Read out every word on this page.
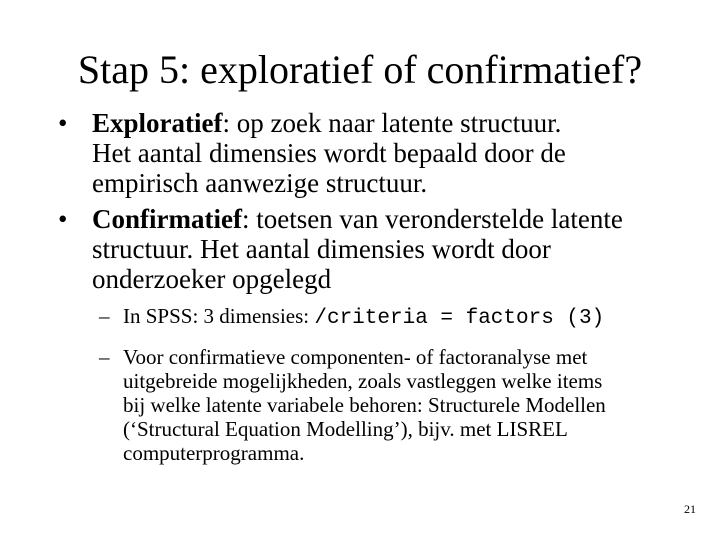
Stap 5: exploratief of confirmatief?
• Exploratief: op zoek naar latente structuur.
Het aantal dimensies wordt bepaald door de
empirisch aanwezige structuur.
• Confirmatief: toetsen van veronderstelde latente
structuur. Het aantal dimensies wordt door
onderzoeker opgelegd
– In SPSS: 3 dimensies: /criteria = factors (3)
– Voor confirmatieve componenten- of factoranalyse met
uitgebreide mogelijkheden, zoals vastleggen welke items
bij welke latente variabele behoren: Structurele Modellen
(‘Structural Equation Modelling’), bijv. met LISREL
computerprogramma.
21
